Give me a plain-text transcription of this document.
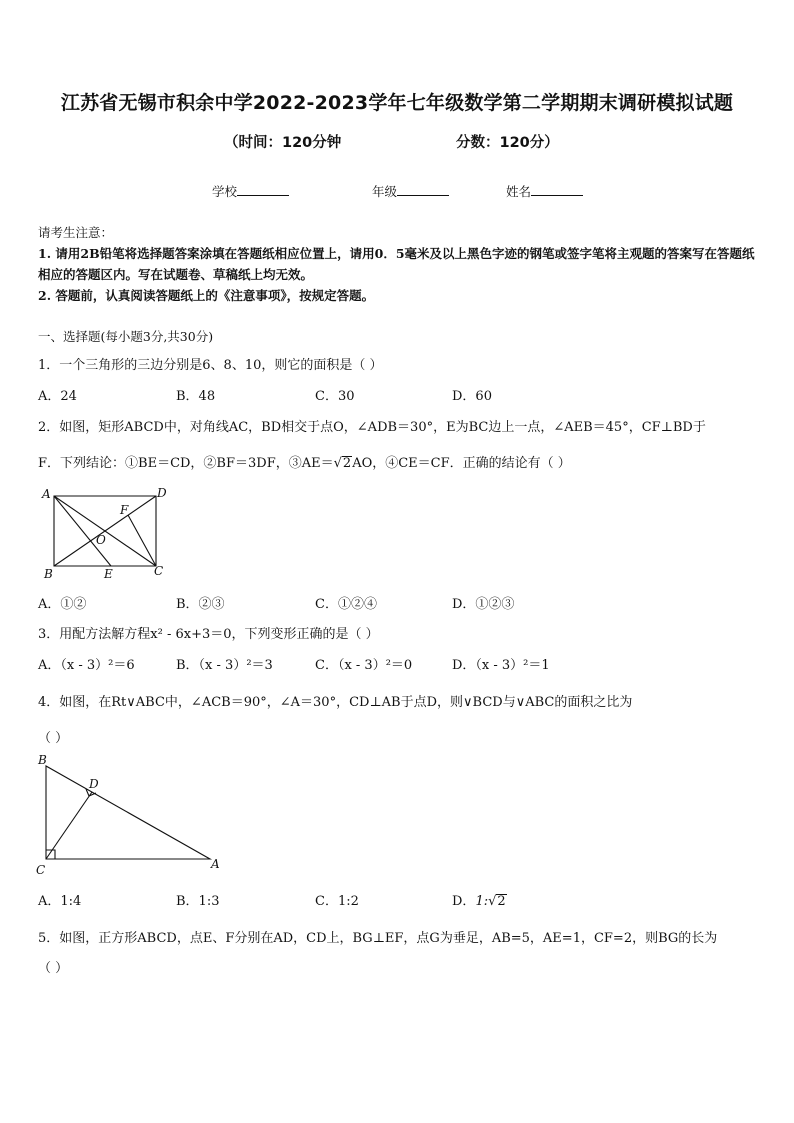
江苏省无锡市积余中学2022-2023学年七年级数学第二学期期末调研模拟试题
（时间：120分钟	分数：120分）
学校	年级	姓名
请考生注意：
1. 请用2B铅笔将选择题答案涂填在答题纸相应位置上，请用0．5毫米及以上黑色字迹的钢笔或签字笔将主观题的答案写在答题纸相应的答题区内。写在试题卷、草稿纸上均无效。
2. 答题前，认真阅读答题纸上的《注意事项》，按规定答题。
一、选择题(每小题3分,共30分)
1．一个三角形的三边分别是6、8、10，则它的面积是（ ）
A．24	B．48	C．30	D．60
2．如图，矩形ABCD中，对角线AC，BD相交于点O，∠ADB＝30°，E为BC边上一点，∠AEB＝45°，CF⊥BD于
F．下列结论：①BE＝CD，②BF＝3DF，③AE＝√2AO，④CE＝CF．正确的结论有（ ）
A	D
F
O
B	E	C
A．①②	B．②③	C．①②④	D．①②③
3．用配方法解方程x² - 6x+3＝0，下列变形正确的是（ ）
A．（x - 3）²＝6	B．（x - 3）²＝3	C．（x - 3）²＝0	D．（x - 3）²＝1
4．如图，在Rt∨ABC中，∠ACB＝90°，∠A＝30°，CD⊥AB于点D，则∨BCD与∨ABC的面积之比为
（ ）
B
D
C	A
A．1:4	B．1:3	C．1:2	D．1:√2
5．如图，正方形ABCD，点E、F分别在AD，CD上，BG⊥EF，点G为垂足，AB=5，AE=1，CF=2，则BG的长为
（ ）
